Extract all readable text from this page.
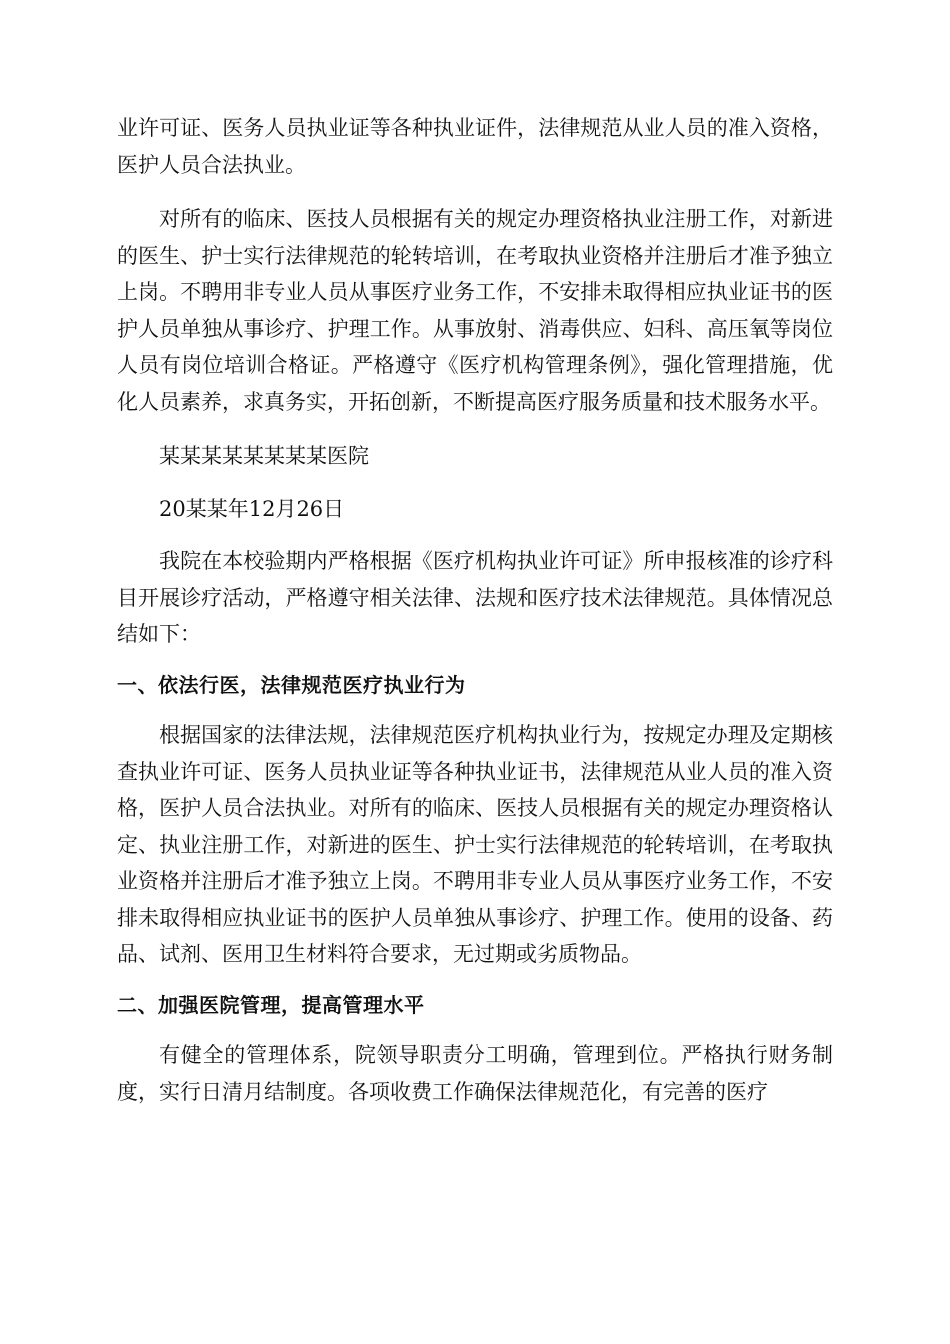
业许可证、医务人员执业证等各种执业证件，法律规范从业人员的准入资格，医护人员合法执业。

对所有的临床、医技人员根据有关的规定办理资格执业注册工作，对新进的医生、护士实行法律规范的轮转培训，在考取执业资格并注册后才准予独立上岗。不聘用非专业人员从事医疗业务工作，不安排未取得相应执业证书的医护人员单独从事诊疗、护理工作。从事放射、消毒供应、妇科、高压氧等岗位人员有岗位培训合格证。严格遵守《医疗机构管理条例》，强化管理措施，优化人员素养，求真务实，开拓创新，不断提高医疗服务质量和技术服务水平。

某某某某某某某某医院

20某某年12月26日

我院在本校验期内严格根据《医疗机构执业许可证》所申报核准的诊疗科目开展诊疗活动，严格遵守相关法律、法规和医疗技术法律规范。具体情况总结如下：

一、依法行医，法律规范医疗执业行为

根据国家的法律法规，法律规范医疗机构执业行为，按规定办理及定期核查执业许可证、医务人员执业证等各种执业证书，法律规范从业人员的准入资格，医护人员合法执业。对所有的临床、医技人员根据有关的规定办理资格认定、执业注册工作，对新进的医生、护士实行法律规范的轮转培训，在考取执业资格并注册后才准予独立上岗。不聘用非专业人员从事医疗业务工作，不安排未取得相应执业证书的医护人员单独从事诊疗、护理工作。使用的设备、药品、试剂、医用卫生材料符合要求，无过期或劣质物品。

二、加强医院管理，提高管理水平

有健全的管理体系，院领导职责分工明确，管理到位。严格执行财务制度，实行日清月结制度。各项收费工作确保法律规范化，有完善的医疗
